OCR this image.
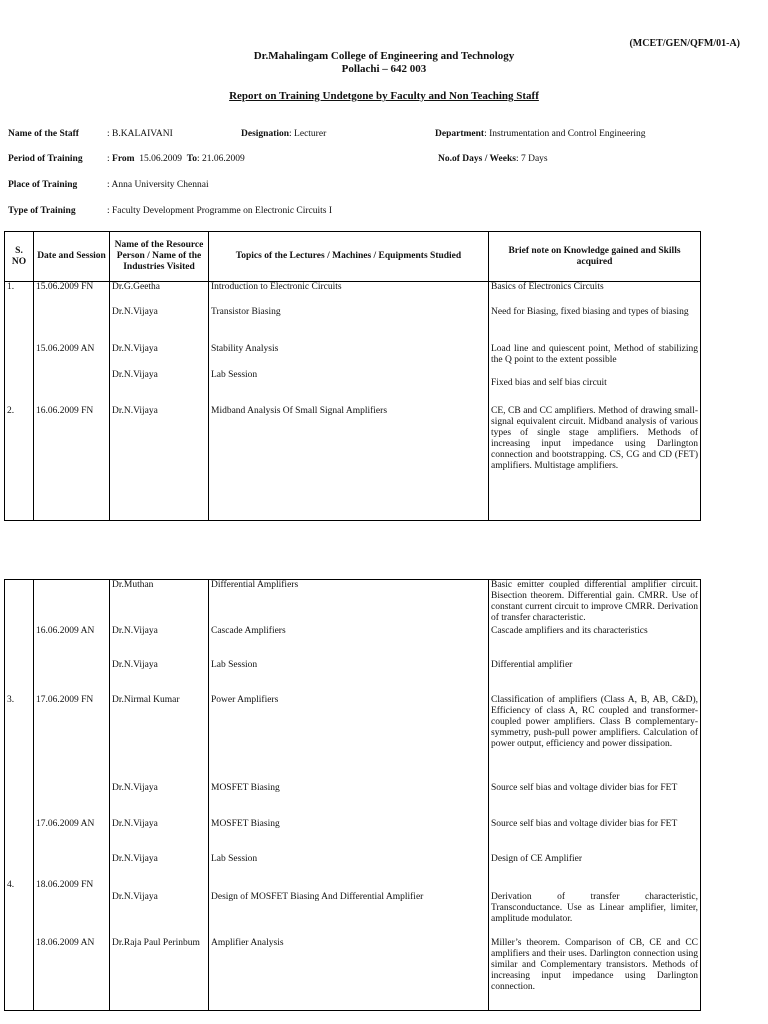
(MCET/GEN/QFM/01-A)
Dr.Mahalingam College of Engineering and Technology
Pollachi – 642 003
Report on Training Undetgone by Faculty and Non Teaching Staff
Name of the Staff	: B.KALAIVANI	Designation: Lecturer	Department: Instrumentation and Control Engineering
Period of Training	: From 15.06.2009 To: 21.06.2009	No.of Days / Weeks: 7 Days
Place of Training	: Anna University Chennai
Type of Training	: Faculty Development Programme on Electronic Circuits I
S. NO	Date and Session	Name of the Resource Person / Name of the Industries Visited	Topics of the Lectures / Machines / Equipments Studied	Brief note on Knowledge gained and Skills acquired
1.	15.06.2009 FN	Dr.G.Geetha	Introduction to Electronic Circuits	Basics of Electronics Circuits
		Dr.N.Vijaya	Transistor Biasing	Need for Biasing, fixed biasing and types of biasing
	15.06.2009 AN	Dr.N.Vijaya	Stability Analysis	Load line and quiescent point, Method of stabilizing the Q point to the extent possible
		Dr.N.Vijaya	Lab Session	Fixed bias and self bias circuit
2.	16.06.2009 FN	Dr.N.Vijaya	Midband Analysis Of Small Signal Amplifiers	CE, CB and CC amplifiers. Method of drawing small-signal equivalent circuit. Midband analysis of various types of single stage amplifiers. Methods of increasing input impedance using Darlington connection and bootstrapping. CS, CG and CD (FET) amplifiers. Multistage amplifiers.
		Dr.Muthan	Differential Amplifiers	Basic emitter coupled differential amplifier circuit. Bisection theorem. Differential gain. CMRR. Use of constant current circuit to improve CMRR. Derivation of transfer characteristic.
	16.06.2009 AN	Dr.N.Vijaya	Cascade Amplifiers	Cascade amplifiers and its characteristics
		Dr.N.Vijaya	Lab Session	Differential amplifier
3.	17.06.2009 FN	Dr.Nirmal Kumar	Power Amplifiers	Classification of amplifiers (Class A, B, AB, C&D), Efficiency of class A, RC coupled and transformer-coupled power amplifiers. Class B complementary-symmetry, push-pull power amplifiers. Calculation of power output, efficiency and power dissipation.
		Dr.N.Vijaya	MOSFET Biasing	Source self bias and voltage divider bias for FET
	17.06.2009 AN	Dr.N.Vijaya	MOSFET Biasing	Source self bias and voltage divider bias for FET
		Dr.N.Vijaya	Lab Session	Design of CE Amplifier
4.	18.06.2009 FN	Dr.N.Vijaya	Design of MOSFET Biasing And Differential Amplifier	Derivation of transfer characteristic, Transconductance. Use as Linear amplifier, limiter, amplitude modulator.
	18.06.2009 AN	Dr.Raja Paul Perinbum	Amplifier Analysis	Miller’s theorem. Comparison of CB, CE and CC amplifiers and their uses. Darlington connection using similar and Complementary transistors. Methods of increasing input impedance using Darlington connection.
